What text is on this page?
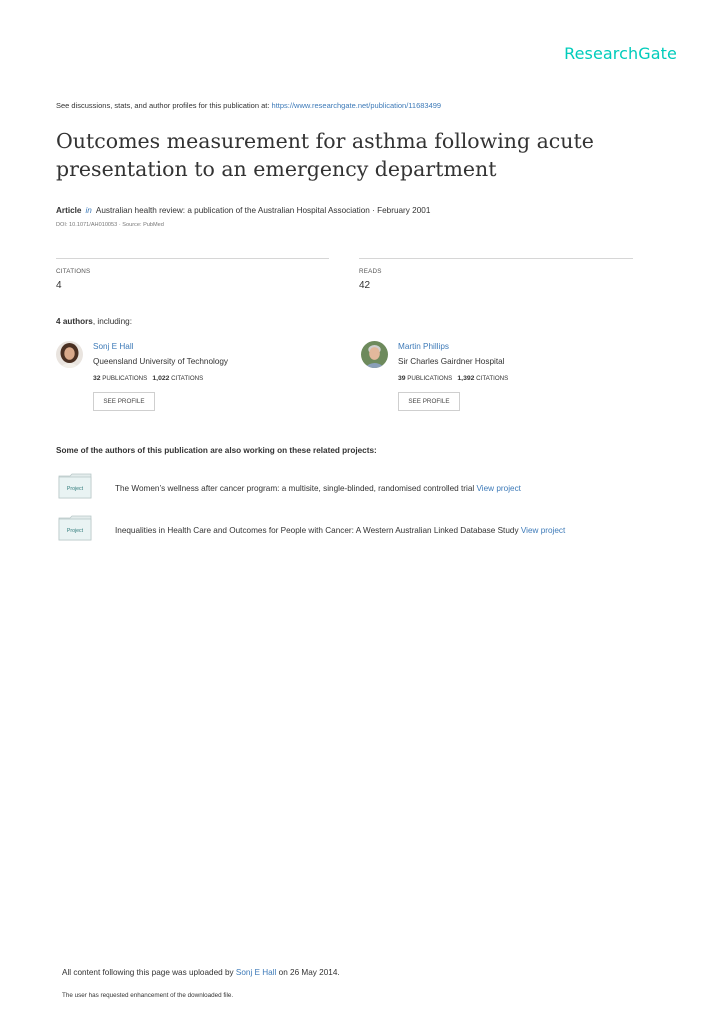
ResearchGate
See discussions, stats, and author profiles for this publication at: https://www.researchgate.net/publication/11683499
Outcomes measurement for asthma following acute presentation to an emergency department
Article in Australian health review: a publication of the Australian Hospital Association · February 2001
DOI: 10.1071/AH010053 · Source: PubMed
CITATIONS
4
READS
42
4 authors, including:
Sonj E Hall
Queensland University of Technology
32 PUBLICATIONS 1,022 CITATIONS
SEE PROFILE
Martin Phillips
Sir Charles Gairdner Hospital
39 PUBLICATIONS 1,392 CITATIONS
SEE PROFILE
Some of the authors of this publication are also working on these related projects:
Project	The Women’s wellness after cancer program: a multisite, single-blinded, randomised controlled trial View project
Project	Inequalities in Health Care and Outcomes for People with Cancer: A Western Australian Linked Database Study View project
All content following this page was uploaded by Sonj E Hall on 26 May 2014.
The user has requested enhancement of the downloaded file.
